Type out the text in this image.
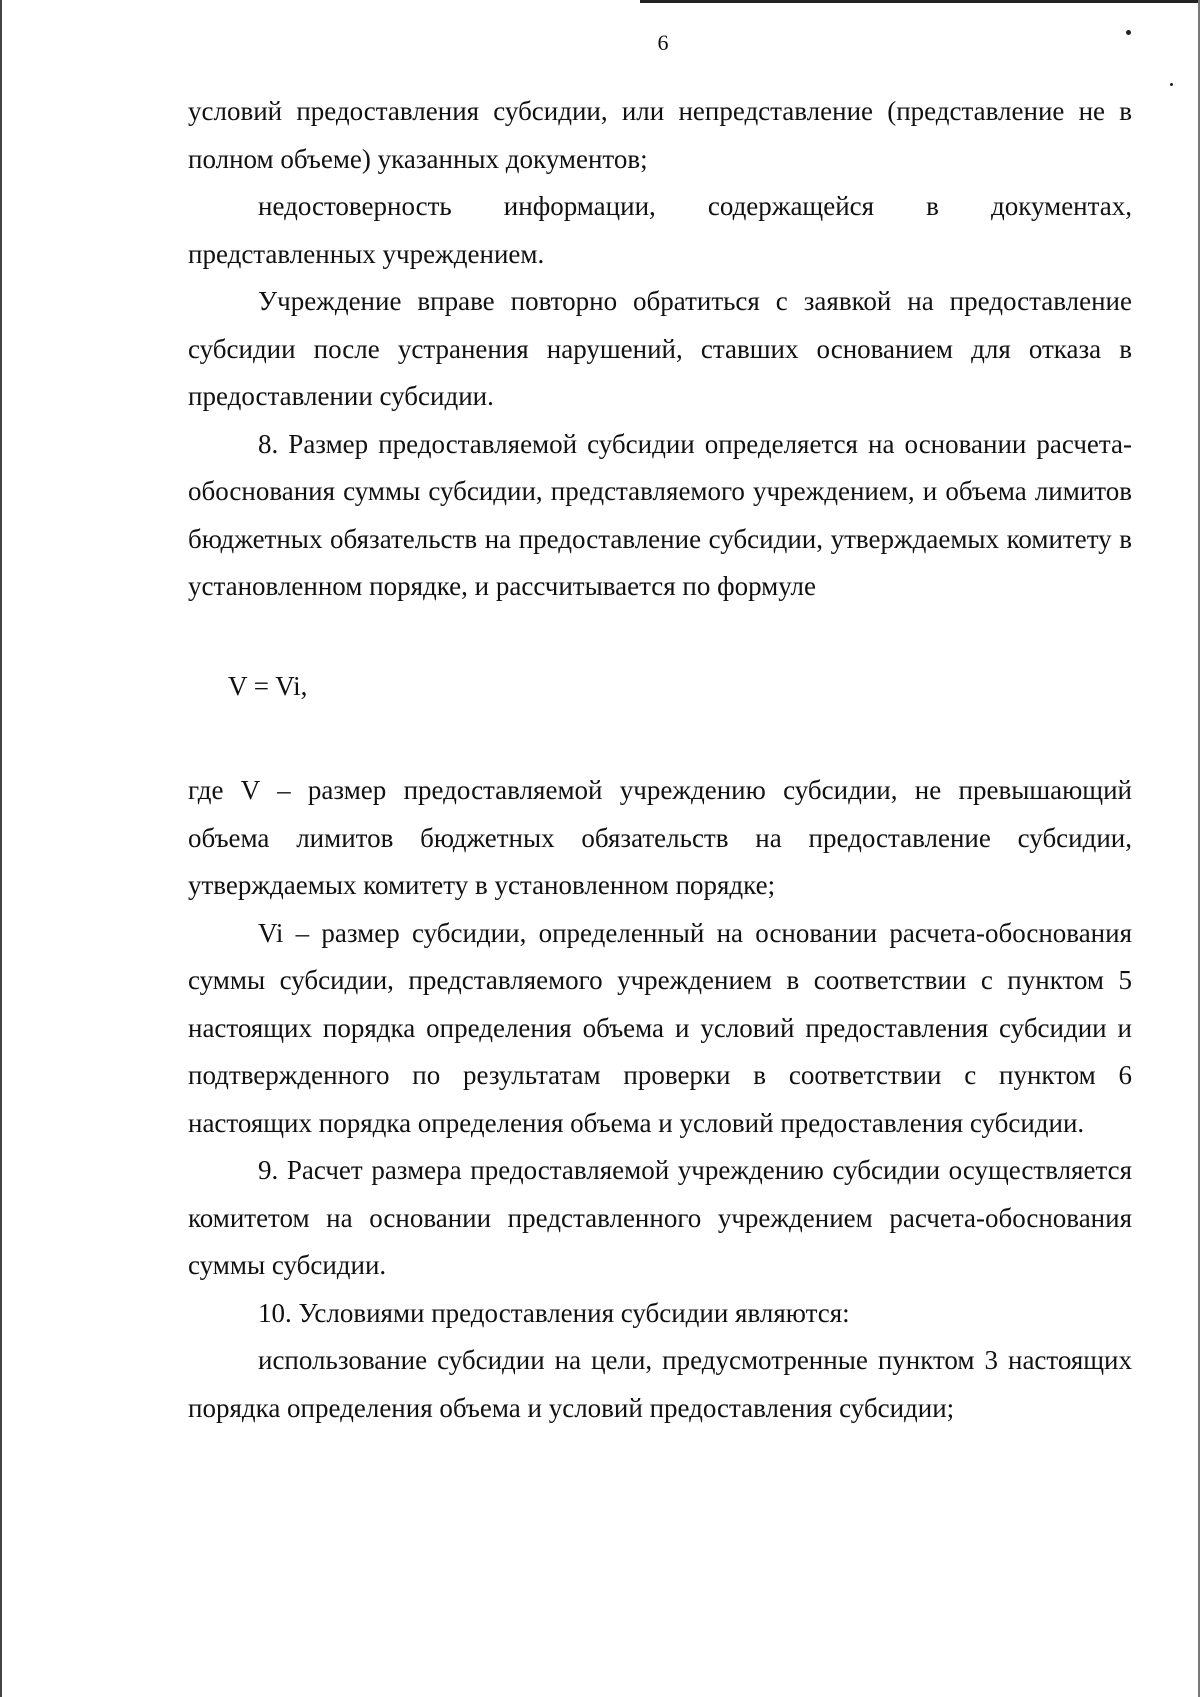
6

условий предоставления субсидии, или непредставление (представление не в полном объеме) указанных документов;

недостоверность информации, содержащейся в документах, представленных учреждением.

Учреждение вправе повторно обратиться с заявкой на предоставление субсидии после устранения нарушений, ставших основанием для отказа в предоставлении субсидии.

8. Размер предоставляемой субсидии определяется на основании расчета-обоснования суммы субсидии, представляемого учреждением, и объема лимитов бюджетных обязательств на предоставление субсидии, утверждаемых комитету в установленном порядке, и рассчитывается по формуле

V = Vi,

где V – размер предоставляемой учреждению субсидии, не превышающий объема лимитов бюджетных обязательств на предоставление субсидии, утверждаемых комитету в установленном порядке;

Vi – размер субсидии, определенный на основании расчета-обоснования суммы субсидии, представляемого учреждением в соответствии с пунктом 5 настоящих порядка определения объема и условий предоставления субсидии и подтвержденного по результатам проверки в соответствии с пунктом 6 настоящих порядка определения объема и условий предоставления субсидии.

9. Расчет размера предоставляемой учреждению субсидии осуществляется комитетом на основании представленного учреждением расчета-обоснования суммы субсидии.

10. Условиями предоставления субсидии являются:

использование субсидии на цели, предусмотренные пунктом 3 настоящих порядка определения объема и условий предоставления субсидии;
